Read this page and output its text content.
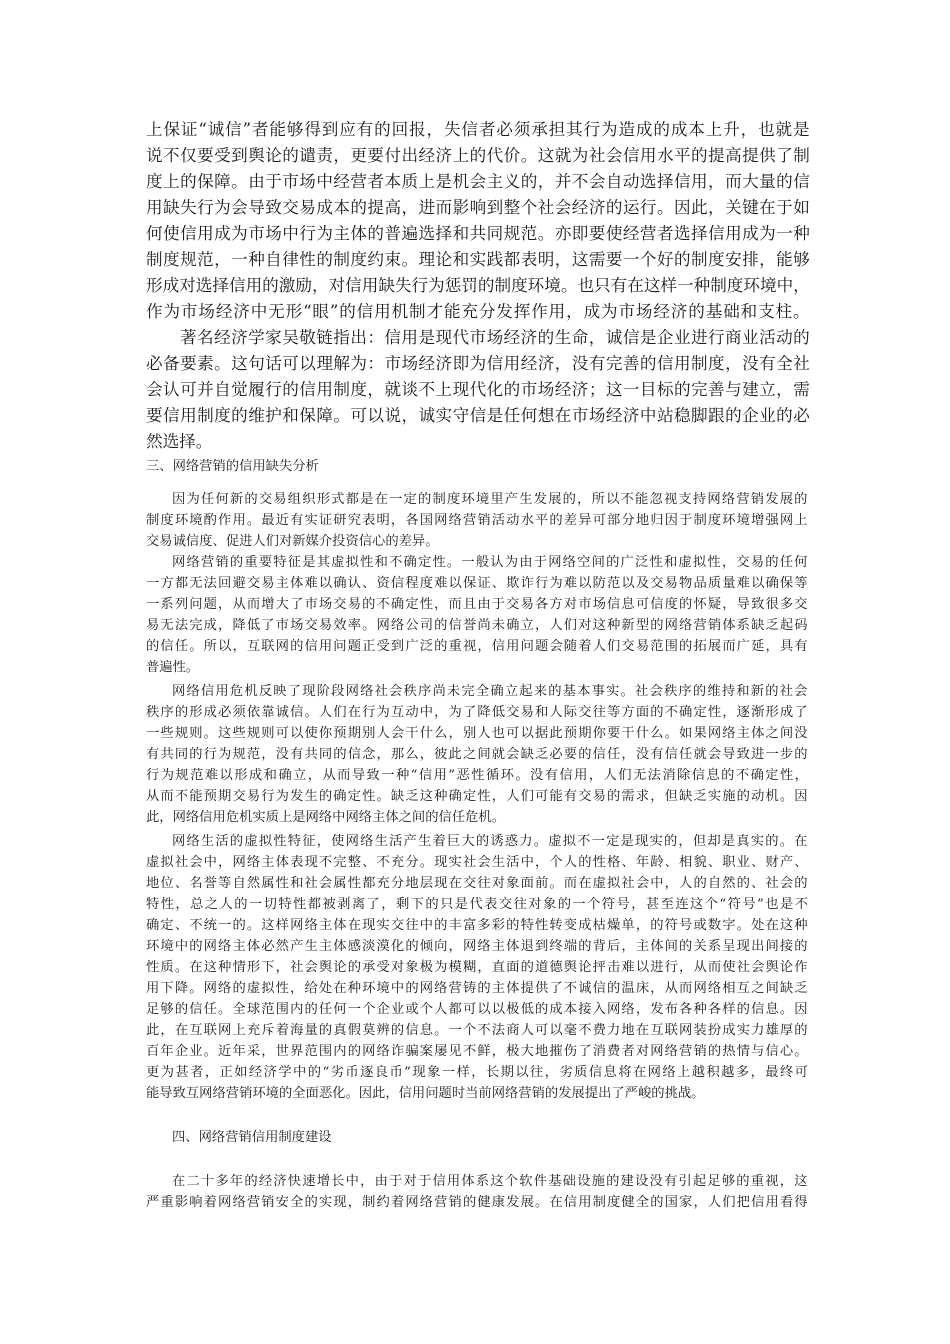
上 保 证 “ 诚 信 ” 者 能 够 得 到 应 有 的 回 报 ， 失 信 者 必 须 承 担 其 行 为 造 成 的 成 本 上 升 ， 也 就 是

说 不 仅 要 受 到 舆 论 的 谴 责 ， 更 要 付 出 经 济 上 的 代 价 。 这 就 为 社 会 信 用 水 平 的 提 高 提 供 了 制

度 上 的 保 障 。 由 于 市 场 中 经 营 者 本 质 上 是 机 会 主 义 的 ， 并 不 会 自 动 选 择 信 用 ， 而 大 量 的 信

用 缺 失 行 为 会 导 致 交 易 成 本 的 提 高 ， 进 而 影 响 到 整 个 社 会 经 济 的 运 行 。 因 此 ， 关 键 在 于 如

何 使 信 用 成 为 市 场 中 行 为 主 体 的 普 遍 选 择 和 共 同 规 范 。 亦 即 要 使 经 营 者 选 择 信 用 成 为 一 种

制 度 规 范 ， 一 种 自 律 性 的 制 度 约 束 。 理 论 和 实 践 都 表 明 ， 这 需 要 一 个 好 的 制 度 安 排 ， 能 够

形 成 对 选 择 信 用 的 激 励 ， 对 信 用 缺 失 行 为 惩 罚 的 制 度 环 境 。 也 只 有 在 这 样 一 种 制 度 环 境 中 ，

作 为 市 场 经 济 中 无 形 “ 眼 ” 的 信 用 机 制 才 能 充 分 发 挥 作 用 ， 成 为 市 场 经 济 的 基 础 和 支 柱 。

著 名 经 济 学 家 吴 敬 链 指 出 ： 信 用 是 现 代 市 场 经 济 的 生 命 ， 诚 信 是 企 业 进 行 商 业 活 动 的

必 备 要 素 。 这 句 话 可 以 理 解 为 ： 市 场 经 济 即 为 信 用 经 济 ， 没 有 完 善 的 信 用 制 度 ， 没 有 全 社

会 认 可 并 自 觉 履 行 的 信 用 制 度 ， 就 谈 不 上 现 代 化 的 市 场 经 济 ； 这 一 目 标 的 完 善 与 建 立 ， 需

要 信 用 制 度 的 维 护 和 保 障 。 可 以 说 ， 诚 实 守 信 是 任 何 想 在 市 场 经 济 中 站 稳 脚 跟 的 企 业 的 必

然选择。

三、网络营销的信用缺失分析

因 为 任 何 新 的 交 易 组 织 形 式 都 是 在 一 定 的 制 度 环 境 里 产 生 发 展 的 ， 所 以 不 能 忽 视 支 持 网 络 营 销 发 展 的

制 度 环 境 酌 作 用 。 最 近 有 实 证 研 究 表 明 ， 各 国 网 络 营 销 活 动 水 平 的 差 异 可 部 分 地 归 因 于 制 度 环 境 增 强 网 上

交易诚信度、促进人们对新媒介投资信心的差异。

网 络 营 销 的 重 要 特 征 是 其 虚 拟 性 和 不 确 定 性 。 一 般 认 为 由 于 网 络 空 间 的 广 泛 性 和 虚 拟 性 ， 交 易 的 任 何

一 方 都 无 法 回 避 交 易 主 体 难 以 确 认 、 资 信 程 度 难 以 保 证 、 欺 诈 行 为 难 以 防 范 以 及 交 易 物 品 质 量 难 以 确 保 等

一 系 列 问 题 ， 从 而 增 大 了 市 场 交 易 的 不 确 定 性 ， 而 且 由 于 交 易 各 方 对 市 场 信 息 可 信 度 的 怀 疑 ， 导 致 很 多 交

易 无 法 完 成 ， 降 低 了 市 场 交 易 效 率 。 网 络 公 司 的 信 誉 尚 未 确 立 ， 人 们 对 这 种 新 型 的 网 络 营 销 体 系 缺 乏 起 码

的 信 任 。 所 以 ， 互 联 网 的 信 用 问 题 正 受 到 广 泛 的 重 视 ， 信 用 问 题 会 随 着 人 们 交 易 范 围 的 拓 展 而 广 延 ， 具 有

普遍性。

网 络 信 用 危 机 反 映 了 现 阶 段 网 络 社 会 秩 序 尚 未 完 全 确 立 起 来 的 基 本 事 实 。 社 会 秩 序 的 维 持 和 新 的 社 会

秩 序 的 形 成 必 须 依 靠 诚 信 。 人 们 在 行 为 互 动 中 ， 为 了 降 低 交 易 和 人 际 交 往 等 方 面 的 不 确 定 性 ， 逐 渐 形 成 了

一 些 规 则 。 这 些 规 则 可 以 使 你 预 期 别 人 会 干 什 么 ， 别 人 也 可 以 据 此 预 期 你 要 干 什 么 。 如 果 网 络 主 体 之 间 没

有 共 同 的 行 为 规 范 ， 没 有 共 同 的 信 念 ， 那 么 ， 彼 此 之 间 就 会 缺 乏 必 要 的 信 任 ， 没 有 信 任 就 会 导 致 进 一 步 的

行 为 规 范 难 以 形 成 和 确 立 ， 从 而 导 致 一 种 “ 信 用 ” 恶 性 循 环 。 没 有 信 用 ， 人 们 无 法 消 除 信 息 的 不 确 定 性 ，

从 而 不 能 预 期 交 易 行 为 发 生 的 确 定 性 。 缺 乏 这 种 确 定 性 ， 人 们 可 能 有 交 易 的 需 求 ， 但 缺 乏 实 施 的 动 机 。 因

此，网络信用危机实质上是网络中网络主体之间的信任危机。

网 络 生 活 的 虚 拟 性 特 征 ， 使 网 络 生 活 产 生 着 巨 大 的 诱 惑 力 。 虚 拟 不 一 定 是 现 实 的 ， 但 却 是 真 实 的 。 在

虚 拟 社 会 中 ， 网 络 主 体 表 现 不 完 整 、 不 充 分 。 现 实 社 会 生 活 中 ， 个 人 的 性 格 、 年 龄 、 相 貌 、 职 业 、 财 产 、

地 位 、 名 誉 等 自 然 属 性 和 社 会 属 性 都 充 分 地 层 现 在 交 往 对 象 面 前 。 而 在 虚 拟 社 会 中 ， 人 的 自 然 的 、 社 会 的

特 性 ， 总 之 人 的 一 切 特 性 都 被 剥 离 了 ， 剩 下 的 只 是 代 表 交 往 对 象 的 一 个 符 号 ， 甚 至 连 这 个 “ 符 号 ” 也 是 不

确 定 、 不 统 一 的 。 这 样 网 络 主 体 在 现 实 交 往 中 的 丰 富 多 彩 的 特 性 转 变 成 枯 燥 单 ， 的 符 号 或 数 字 。 处 在 这 种

环 境 中 的 网 络 主 体 必 然 产 生 主 体 感 淡 漠 化 的 倾 向 ， 网 络 主 体 退 到 终 端 的 背 后 ， 主 体 间 的 关 系 呈 现 出 间 接 的

性 质 。 在 这 种 情 形 下 ， 社 会 舆 论 的 承 受 对 象 极 为 模 糊 ， 直 面 的 道 德 舆 论 抨 击 难 以 进 行 ， 从 而 使 社 会 舆 论 作

用 下 降 。 网 络 的 虚 拟 性 ， 给 处 在 种 环 境 中 的 网 络 营 铸 的 主 体 提 供 了 不 诚 信 的 温 床 ， 从 而 网 络 相 互 之 间 缺 乏

足 够 的 信 任 。 全 球 范 围 内 的 任 何 一 个 企 业 或 个 人 都 可 以 以 极 低 的 成 本 接 入 网 络 ， 发 布 各 种 各 样 的 信 息 。 因

此 ， 在 互 联 网 上 充 斥 着 海 量 的 真 假 莫 辨 的 信 息 。 一 个 不 法 商 人 可 以 毫 不 费 力 地 在 互 联 网 装 扮 成 实 力 雄 厚 的

百 年 企 业 。 近 年 采 ， 世 界 范 围 内 的 网 络 诈 骗 案 屡 见 不 鲜 ， 极 大 地 摧 伤 了 消 费 者 对 网 络 营 销 的 热 情 与 信 心 。

更 为 甚 者 ， 正 如 经 济 学 中 的 “ 劣 币 逐 良 币 ” 现 象 一 样 ， 长 期 以 往 ， 劣 质 信 息 将 在 网 络 上 越 积 越 多 ， 最 终 可

能导致互网络营销环境的全面恶化。因此，信用问题时当前网络营销的发展提出了严峻的挑战。

四、网络营销信用制度建设

在 二 十 多 年 的 经 济 快 速 增 长 中 ， 由 于 对 于 信 用 体 系 这 个 软 件 基 础 设 施 的 建 设 没 有 引 起 足 够 的 重 视 ， 这

严 重 影 响 着 网 络 营 销 安 全 的 实 现 ， 制 约 着 网 络 营 销 的 健 康 发 展 。 在 信 用 制 度 健 全 的 国 家 ， 人 们 把 信 用 看 得
